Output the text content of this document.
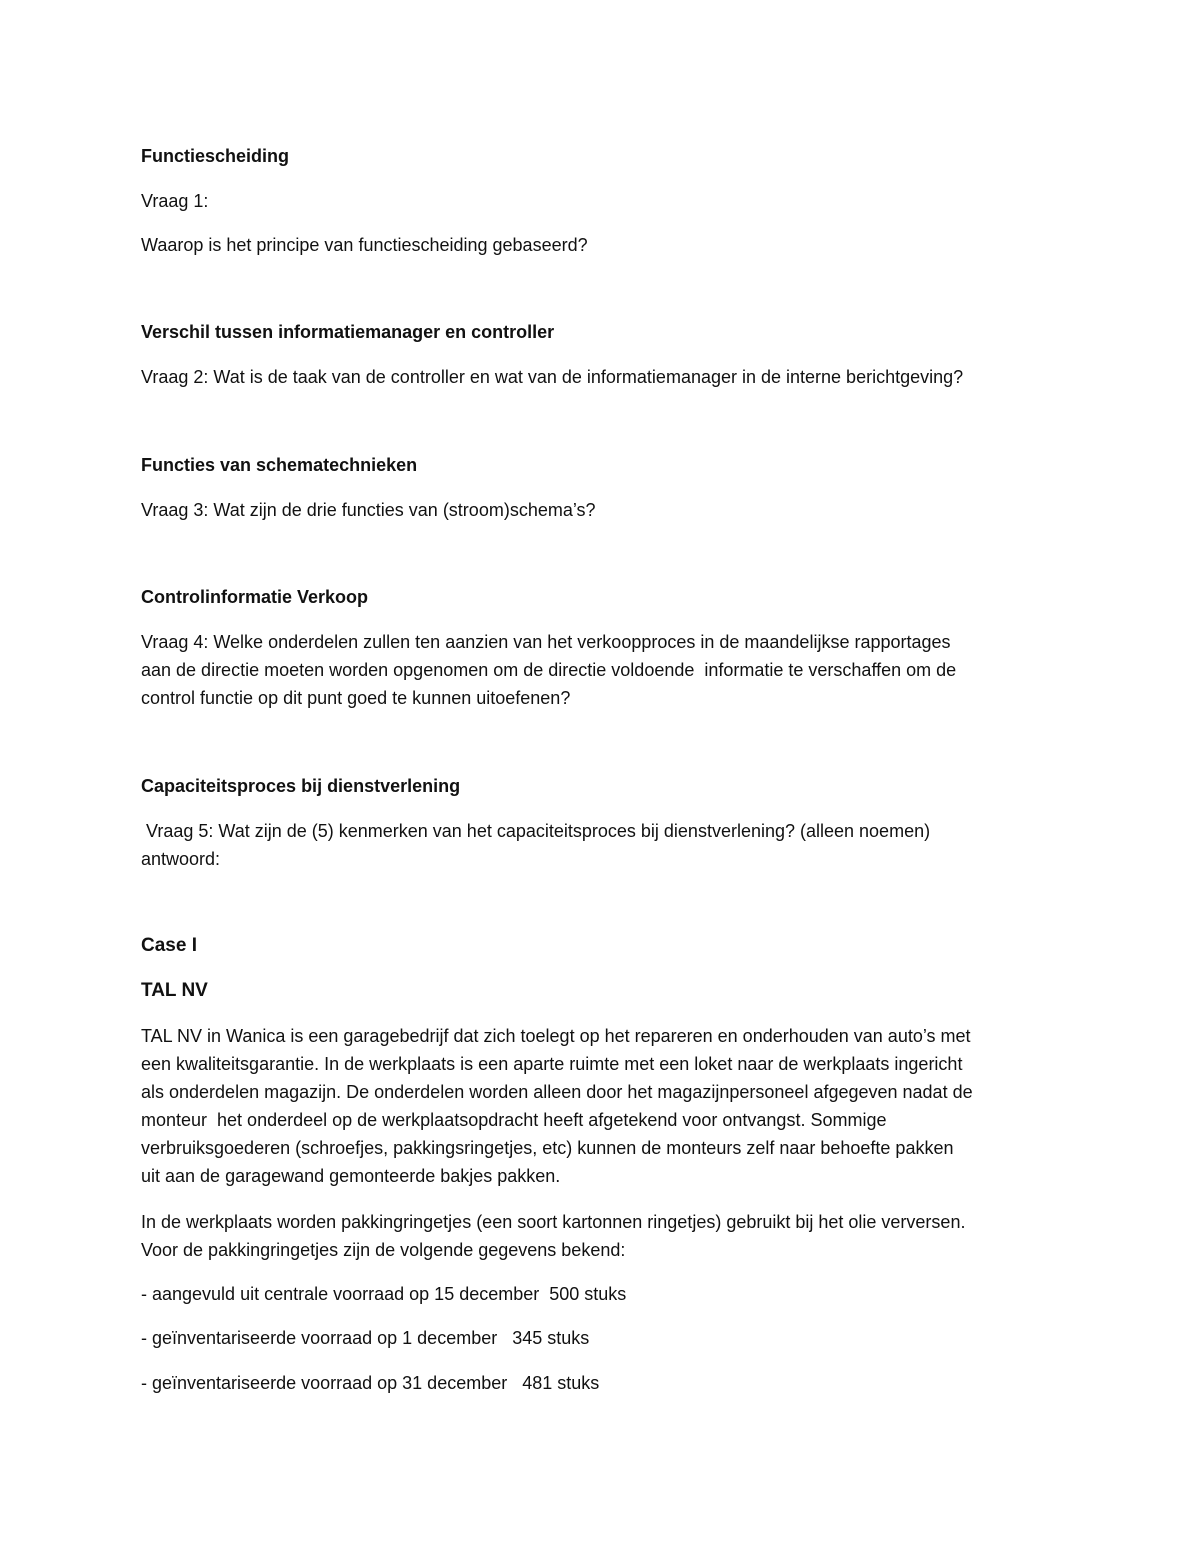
Functiescheiding
Vraag 1:
Waarop is het principe van functiescheiding gebaseerd?
Verschil tussen informatiemanager en controller
Vraag 2: Wat is de taak van de controller en wat van de informatiemanager in de interne berichtgeving?
Functies van schematechnieken
Vraag 3: Wat zijn de drie functies van (stroom)schema’s?
Controlinformatie Verkoop
Vraag 4: Welke onderdelen zullen ten aanzien van het verkoopproces in de maandelijkse rapportages
aan de directie moeten worden opgenomen om de directie voldoende  informatie te verschaffen om de
control functie op dit punt goed te kunnen uitoefenen?
Capaciteitsproces bij dienstverlening
Vraag 5: Wat zijn de (5) kenmerken van het capaciteitsproces bij dienstverlening? (alleen noemen)
antwoord:
Case I
TAL NV
TAL NV in Wanica is een garagebedrijf dat zich toelegt op het repareren en onderhouden van auto’s met
een kwaliteitsgarantie. In de werkplaats is een aparte ruimte met een loket naar de werkplaats ingericht
als onderdelen magazijn. De onderdelen worden alleen door het magazijnpersoneel afgegeven nadat de
monteur  het onderdeel op de werkplaatsopdracht heeft afgetekend voor ontvangst. Sommige
verbruiksgoederen (schroefjes, pakkingsringetjes, etc) kunnen de monteurs zelf naar behoefte pakken
uit aan de garagewand gemonteerde bakjes pakken.
In de werkplaats worden pakkingringetjes (een soort kartonnen ringetjes) gebruikt bij het olie verversen.
Voor de pakkingringetjes zijn de volgende gegevens bekend:
- aangevuld uit centrale voorraad op 15 december  500 stuks
- geïnventariseerde voorraad op 1 december   345 stuks
- geïnventariseerde voorraad op 31 december   481 stuks
